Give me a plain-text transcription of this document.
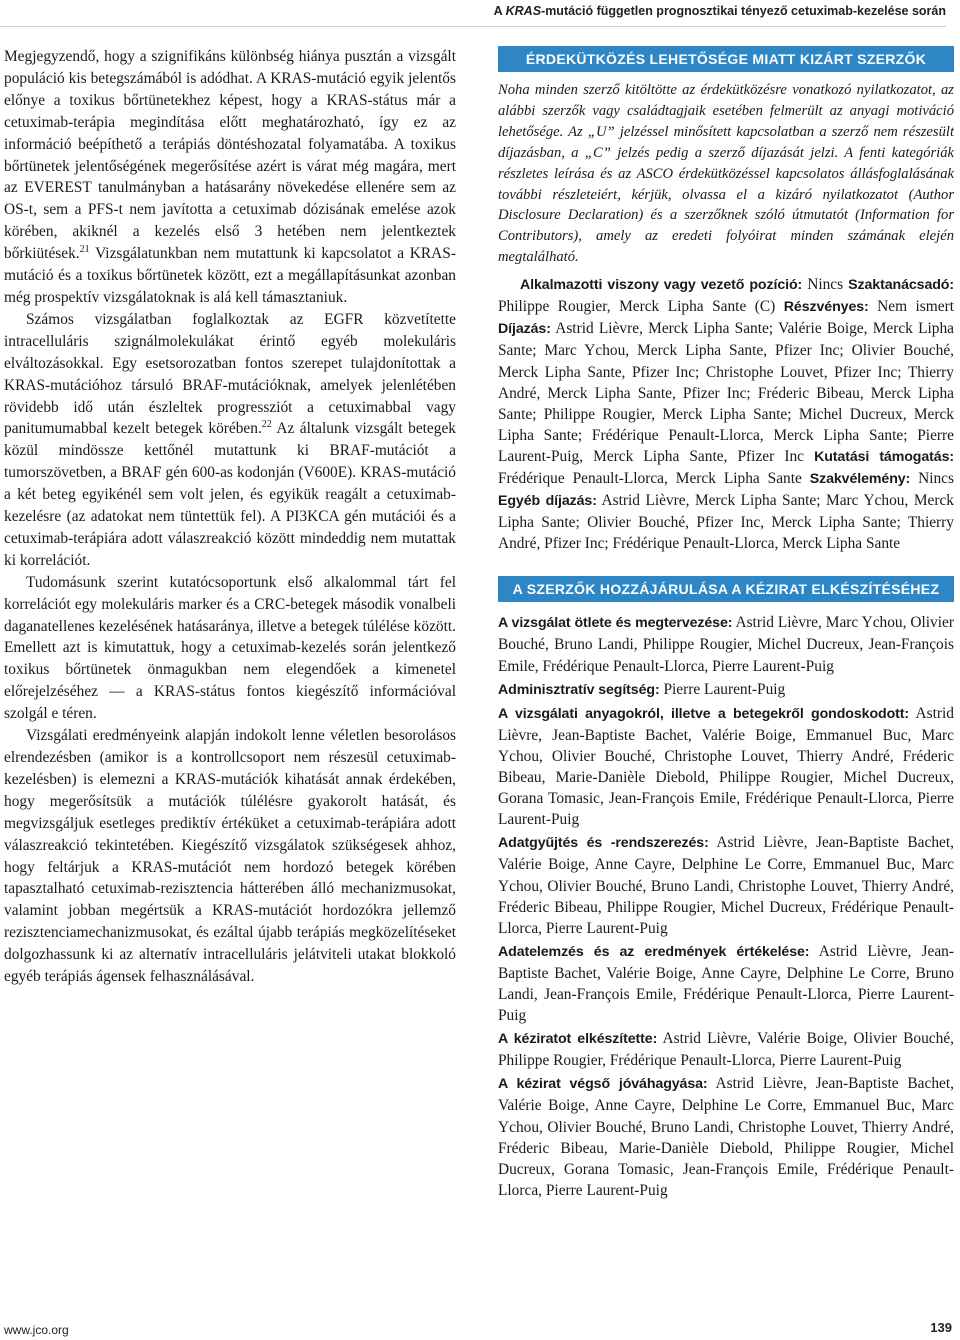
A KRAS-mutáció független prognosztikai tényező cetuximab-kezelése során

Megjegyzendő, hogy a szignifikáns különbség hiánya pusztán a vizsgált populáció kis betegszámából is adódhat. A KRAS-mutáció egyik jelentős előnye a toxikus bőrtünetekhez képest, hogy a KRAS-státus már a cetuximab-terápia megindítása előtt meghatározható, így ez az információ beépíthető a terápiás döntéshozatal folyamatába. A toxikus bőrtünetek jelentőségének megerősítése azért is várat még magára, mert az EVEREST tanulmányban a hatásarány növekedése ellenére sem az OS-t, sem a PFS-t nem javította a cetuximab dózisának emelése azok körében, akiknél a kezelés első 3 hetében nem jelentkeztek bőrkiütések.$^{21}$ Vizsgálatunkban nem mutattunk ki kapcsolatot a KRAS-mutáció és a toxikus bőrtünetek között, ezt a megállapításunkat azonban még prospektív vizsgálatoknak is alá kell támasztaniuk.

Számos vizsgálatban foglalkoztak az EGFR közvetítette intracelluláris szignálmolekulákat érintő egyéb molekuláris elváltozásokkal. Egy esetsorozatban fontos szerepet tulajdonítottak a KRAS-mutációhoz társuló BRAF-mutációknak, amelyek jelenlétében rövidebb idő után észleltek progressziót a cetuximabbal vagy panitumumabbal kezelt betegek körében.$^{22}$ Az általunk vizsgált betegek közül mindössze kettőnél mutattunk ki BRAF-mutációt a tumorszövetben, a BRAF gén 600-as kodonján (V600E). KRAS-mutáció a két beteg egyikénél sem volt jelen, és egyikük reagált a cetuximab-kezelésre (az adatokat nem tüntettük fel). A PI3KCA gén mutációi és a cetuximab-terápiára adott válaszreakció között mindeddig nem mutattak ki korrelációt.

Tudomásunk szerint kutatócsoportunk első alkalommal tárt fel korrelációt egy molekuláris marker és a CRC-betegek második vonalbeli daganatellenes kezelésének hatásaránya, illetve a betegek túlélése között. Emellett azt is kimutattuk, hogy a cetuximab-kezelés során jelentkező toxikus bőrtünetek önmagukban nem elegendőek a kimenetel előrejelzéséhez — a KRAS-státus fontos kiegészítő információval szolgál e téren.

Vizsgálati eredményeink alapján indokolt lenne véletlen besorolásos elrendezésben (amikor is a kontrollcsoport nem részesül cetuximab-kezelésben) is elemezni a KRAS-mutációk kihatását annak érdekében, hogy megerősítsük a mutációk túlélésre gyakorolt hatását, és megvizsgáljuk esetleges prediktív értéküket a cetuximab-terápiára adott válaszreakció tekintetében. Kiegészítő vizsgálatok szükségesek ahhoz, hogy feltárjuk a KRAS-mutációt nem hordozó betegek körében tapasztalható cetuximab-rezisztencia hátterében álló mechanizmusokat, valamint jobban megértsük a KRAS-mutációt hordozókra jellemző rezisztenciamechanizmusokat, és ezáltal újabb terápiás megközelítéseket dolgozhassunk ki az alternatív intracelluláris jelátviteli utakat blokkoló egyéb terápiás ágensek felhasználásával.

ÉRDEKÜTKÖZÉS LEHETŐSÉGE MIATT KIZÁRT SZERZŐK

Noha minden szerző kitöltötte az érdekütközésre vonatkozó nyilatkozatot, az alábbi szerzők vagy családtagjaik esetében felmerült az anyagi motiváció lehetősége. Az „U” jelzéssel minősített kapcsolatban a szerző nem részesült díjazásban, a „C” jelzés pedig a szerző díjazását jelzi. A fenti kategóriák részletes leírása és az ASCO érdekütközéssel kapcsolatos állásfoglalásának további részleteiért, kérjük, olvassa el a kizáró nyilatkozatot (Author Disclosure Declaration) és a szerzőknek szóló útmutatót (Information for Contributors), amely az eredeti folyóirat minden számának elején megtalálható.

Alkalmazotti viszony vagy vezető pozíció: Nincs Szaktanácsadó: Philippe Rougier, Merck Lipha Sante (C) Részvényes: Nem ismert Díjazás: Astrid Lièvre, Merck Lipha Sante; Valérie Boige, Merck Lipha Sante; Marc Ychou, Merck Lipha Sante, Pfizer Inc; Olivier Bouché, Merck Lipha Sante, Pfizer Inc; Christophe Louvet, Pfizer Inc; Thierry André, Merck Lipha Sante, Pfizer Inc; Fréderic Bibeau, Merck Lipha Sante; Philippe Rougier, Merck Lipha Sante; Michel Ducreux, Merck Lipha Sante; Frédérique Penault-Llorca, Merck Lipha Sante; Pierre Laurent-Puig, Merck Lipha Sante, Pfizer Inc Kutatási támogatás: Frédérique Penault-Llorca, Merck Lipha Sante Szakvélemény: Nincs Egyéb díjazás: Astrid Lièvre, Merck Lipha Sante; Marc Ychou, Merck Lipha Sante; Olivier Bouché, Pfizer Inc, Merck Lipha Sante; Thierry André, Pfizer Inc; Frédérique Penault-Llorca, Merck Lipha Sante

A SZERZŐK HOZZÁJÁRULÁSA A KÉZIRAT ELKÉSZÍTÉSÉHEZ

A vizsgálat ötlete és megtervezése: Astrid Lièvre, Marc Ychou, Olivier Bouché, Bruno Landi, Philippe Rougier, Michel Ducreux, Jean-François Emile, Frédérique Penault-Llorca, Pierre Laurent-Puig

Adminisztratív segítség: Pierre Laurent-Puig

A vizsgálati anyagokról, illetve a betegekről gondoskodott: Astrid Lièvre, Jean-Baptiste Bachet, Valérie Boige, Emmanuel Buc, Marc Ychou, Olivier Bouché, Christophe Louvet, Thierry André, Fréderic Bibeau, Marie-Danièle Diebold, Philippe Rougier, Michel Ducreux, Gorana Tomasic, Jean-François Emile, Frédérique Penault-Llorca, Pierre Laurent-Puig

Adatgyűjtés és -rendszerezés: Astrid Lièvre, Jean-Baptiste Bachet, Valérie Boige, Anne Cayre, Delphine Le Corre, Emmanuel Buc, Marc Ychou, Olivier Bouché, Bruno Landi, Christophe Louvet, Thierry André, Fréderic Bibeau, Philippe Rougier, Michel Ducreux, Frédérique Penault-Llorca, Pierre Laurent-Puig

Adatelemzés és az eredmények értékelése: Astrid Lièvre, Jean-Baptiste Bachet, Valérie Boige, Anne Cayre, Delphine Le Corre, Bruno Landi, Jean-François Emile, Frédérique Penault-Llorca, Pierre Laurent-Puig

A kéziratot elkészítette: Astrid Lièvre, Valérie Boige, Olivier Bouché, Philippe Rougier, Frédérique Penault-Llorca, Pierre Laurent-Puig

A kézirat végső jóváhagyása: Astrid Lièvre, Jean-Baptiste Bachet, Valérie Boige, Anne Cayre, Delphine Le Corre, Emmanuel Buc, Marc Ychou, Olivier Bouché, Bruno Landi, Christophe Louvet, Thierry André, Fréderic Bibeau, Marie-Danièle Diebold, Philippe Rougier, Michel Ducreux, Gorana Tomasic, Jean-François Emile, Frédérique Penault-Llorca, Pierre Laurent-Puig

www.jco.org	139
